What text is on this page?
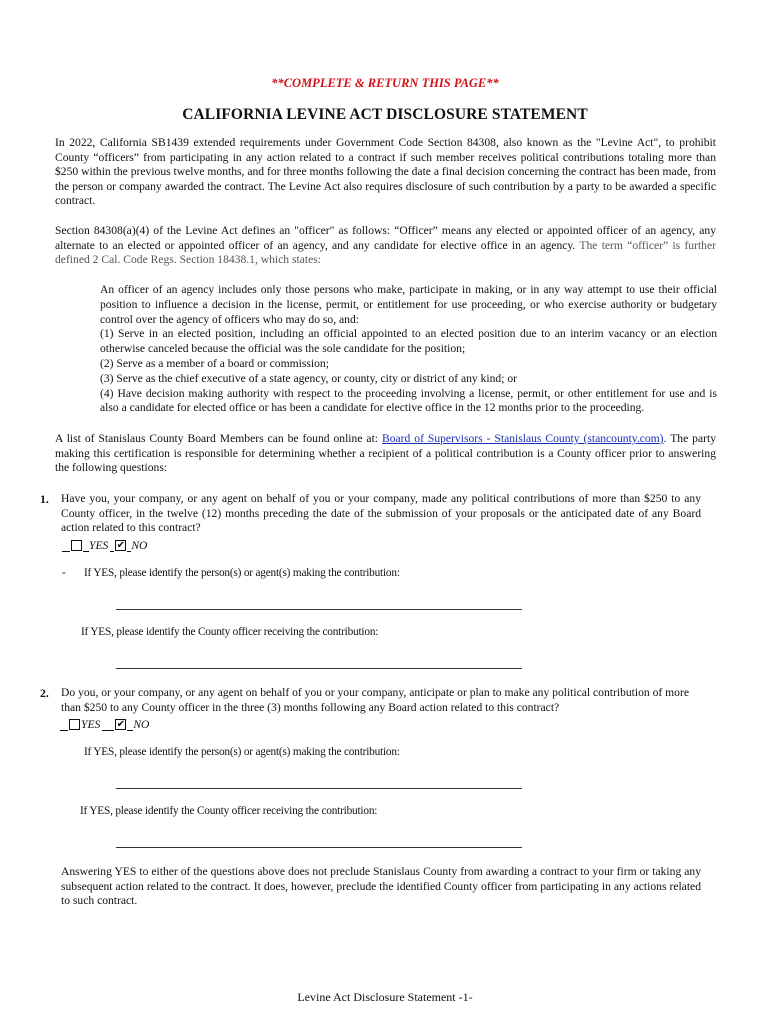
**COMPLETE & RETURN THIS PAGE**
CALIFORNIA LEVINE ACT DISCLOSURE STATEMENT
In 2022, California SB1439 extended requirements under Government Code Section 84308, also known as the "Levine Act", to prohibit County “officers” from participating in any action related to a contract if such member receives political contributions totaling more than $250 within the previous twelve months, and for three months following the date a final decision concerning the contract has been made, from the person or company awarded the contract. The Levine Act also requires disclosure of such contribution by a party to be awarded a specific contract.
Section 84308(a)(4) of the Levine Act defines an "officer" as follows: “Officer” means any elected or appointed officer of an agency, any alternate to an elected or appointed officer of an agency, and any candidate for elective office in an agency. The term “officer” is further defined 2 Cal. Code Regs. Section 18438.1, which states:
An officer of an agency includes only those persons who make, participate in making, or in any way attempt to use their official position to influence a decision in the license, permit, or entitlement for use proceeding, or who exercise authority or budgetary control over the agency of officers who may do so, and:
(1) Serve in an elected position, including an official appointed to an elected position due to an interim vacancy or an election otherwise canceled because the official was the sole candidate for the position;
(2) Serve as a member of a board or commission;
(3) Serve as the chief executive of a state agency, or county, city or district of any kind; or
(4) Have decision making authority with respect to the proceeding involving a license, permit, or other entitlement for use and is also a candidate for elected office or has been a candidate for elective office in the 12 months prior to the proceeding.
A list of Stanislaus County Board Members can be found online at: Board of Supervisors - Stanislaus County (stancounty.com). The party making this certification is responsible for determining whether a recipient of a political contribution is a County officer prior to answering the following questions:
1. Have you, your company, or any agent on behalf of you or your company, made any political contributions of more than $250 to any County officer, in the twelve (12) months preceding the date of the submission of your proposals or the anticipated date of any Board action related to this contract?
YES ✔ NO
- If YES, please identify the person(s) or agent(s) making the contribution:
If YES, please identify the County officer receiving the contribution:
2. Do you, or your company, or any agent on behalf of you or your company, anticipate or plan to make any political contribution of more than $250 to any County officer in the three (3) months following any Board action related to this contract?
YES ✔ NO
If YES, please identify the person(s) or agent(s) making the contribution:
If YES, please identify the County officer receiving the contribution:
Answering YES to either of the questions above does not preclude Stanislaus County from awarding a contract to your firm or taking any subsequent action related to the contract. It does, however, preclude the identified County officer from participating in any actions related to such contract.
Levine Act Disclosure Statement -1-
